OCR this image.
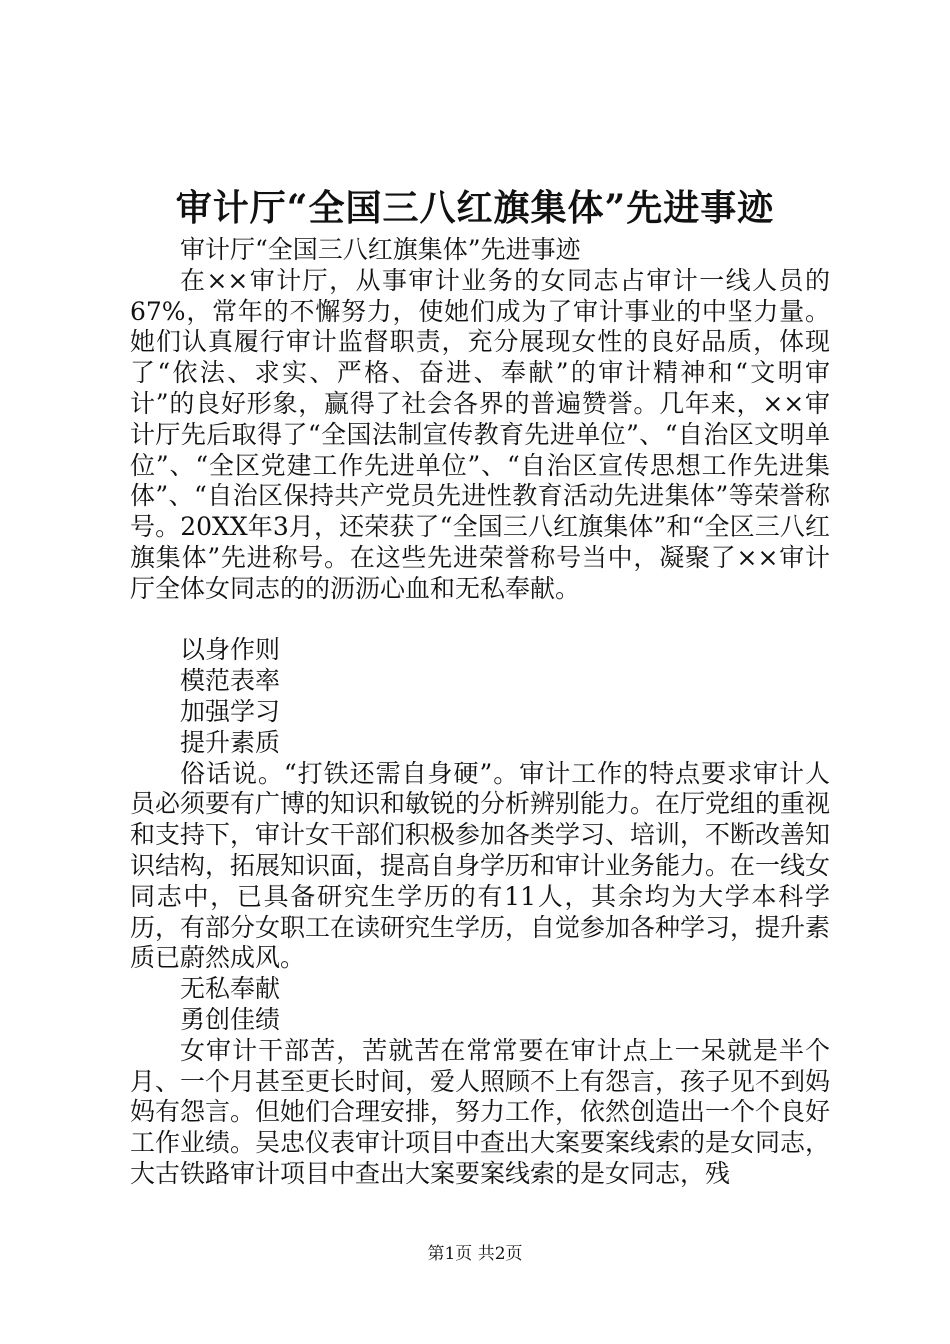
审计厅“全国三八红旗集体”先进事迹

审计厅“全国三八红旗集体”先进事迹

在××审计厅，从事审计业务的女同志占审计一线人员的67%，常年的不懈努力，使她们成为了审计事业的中坚力量。她们认真履行审计监督职责，充分展现女性的良好品质，体现了“依法、求实、严格、奋进、奉献”的审计精神和“文明审计”的良好形象，赢得了社会各界的普遍赞誉。几年来，××审计厅先后取得了“全国法制宣传教育先进单位”、“自治区文明单位”、“全区党建工作先进单位”、“自治区宣传思想工作先进集体”、“自治区保持共产党员先进性教育活动先进集体”等荣誉称号。20XX年3月，还荣获了“全国三八红旗集体”和“全区三八红旗集体”先进称号。在这些先进荣誉称号当中，凝聚了××审计厅全体女同志的的沥沥心血和无私奉献。

以身作则

模范表率

加强学习

提升素质

俗话说。“打铁还需自身硬”。审计工作的特点要求审计人员必须要有广博的知识和敏锐的分析辨别能力。在厅党组的重视和支持下，审计女干部们积极参加各类学习、培训，不断改善知识结构，拓展知识面，提高自身学历和审计业务能力。在一线女同志中，已具备研究生学历的有11人，其余均为大学本科学历，有部分女职工在读研究生学历，自觉参加各种学习，提升素质已蔚然成风。

无私奉献

勇创佳绩

女审计干部苦，苦就苦在常常要在审计点上一呆就是半个月、一个月甚至更长时间，爱人照顾不上有怨言，孩子见不到妈妈有怨言。但她们合理安排，努力工作，依然创造出一个个良好工作业绩。吴忠仪表审计项目中查出大案要案线索的是女同志，大古铁路审计项目中查出大案要案线索的是女同志，残

第1页 共2页
